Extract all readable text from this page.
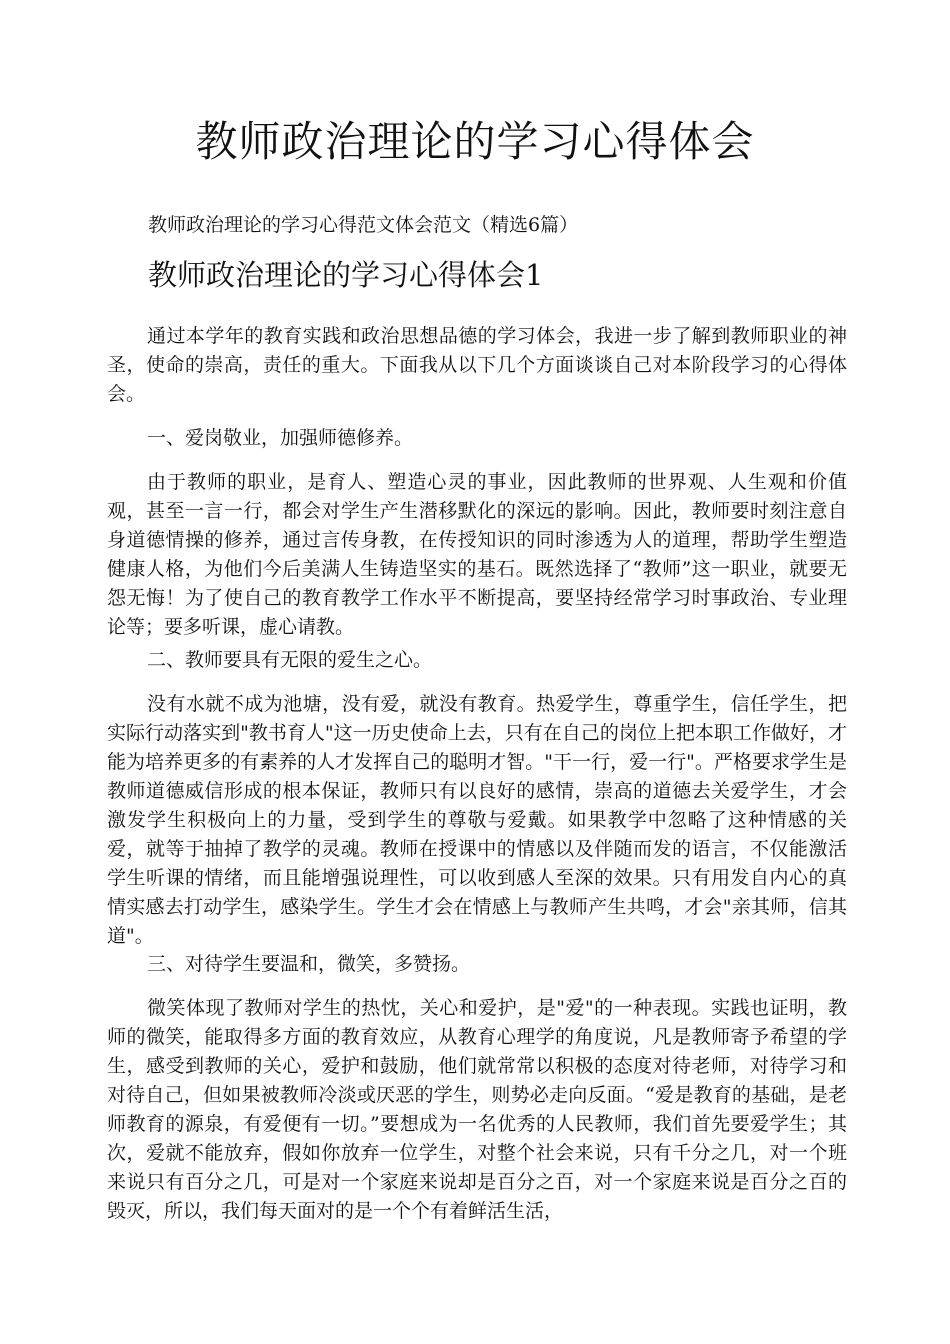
教师政治理论的学习心得体会

教师政治理论的学习心得范文体会范文（精选6篇）

教师政治理论的学习心得体会1

通过本学年的教育实践和政治思想品德的学习体会，我进一步了解到教师职业的神圣，使命的崇高，责任的重大。下面我从以下几个方面谈谈自己对本阶段学习的心得体会。

一、爱岗敬业，加强师德修养。

由于教师的职业，是育人、塑造心灵的事业，因此教师的世界观、人生观和价值观，甚至一言一行，都会对学生产生潜移默化的深远的影响。因此，教师要时刻注意自身道德情操的修养，通过言传身教，在传授知识的同时渗透为人的道理，帮助学生塑造健康人格，为他们今后美满人生铸造坚实的基石。既然选择了“教师”这一职业，就要无怨无悔！为了使自己的教育教学工作水平不断提高，要坚持经常学习时事政治、专业理论等；要多听课，虚心请教。

二、教师要具有无限的爱生之心。

没有水就不成为池塘，没有爱，就没有教育。热爱学生，尊重学生，信任学生，把实际行动落实到"教书育人"这一历史使命上去，只有在自己的岗位上把本职工作做好，才能为培养更多的有素养的人才发挥自己的聪明才智。"干一行，爱一行"。严格要求学生是教师道德威信形成的根本保证，教师只有以良好的感情，崇高的道德去关爱学生，才会激发学生积极向上的力量，受到学生的尊敬与爱戴。如果教学中忽略了这种情感的关爱，就等于抽掉了教学的灵魂。教师在授课中的情感以及伴随而发的语言，不仅能激活学生听课的情绪，而且能增强说理性，可以收到感人至深的效果。只有用发自内心的真情实感去打动学生，感染学生。学生才会在情感上与教师产生共鸣，才会"亲其师，信其道"。

三、对待学生要温和，微笑，多赞扬。

微笑体现了教师对学生的热忱，关心和爱护，是"爱"的一种表现。实践也证明，教师的微笑，能取得多方面的教育效应，从教育心理学的角度说，凡是教师寄予希望的学生，感受到教师的关心，爱护和鼓励，他们就常常以积极的态度对待老师，对待学习和对待自己，但如果被教师冷淡或厌恶的学生，则势必走向反面。“爱是教育的基础，是老师教育的源泉，有爱便有一切。”要想成为一名优秀的人民教师，我们首先要爱学生；其次，爱就不能放弃，假如你放弃一位学生，对整个社会来说，只有千分之几，对一个班来说只有百分之几，可是对一个家庭来说却是百分之百，对一个家庭来说是百分之百的毁灭，所以，我们每天面对的是一个个有着鲜活生活，
